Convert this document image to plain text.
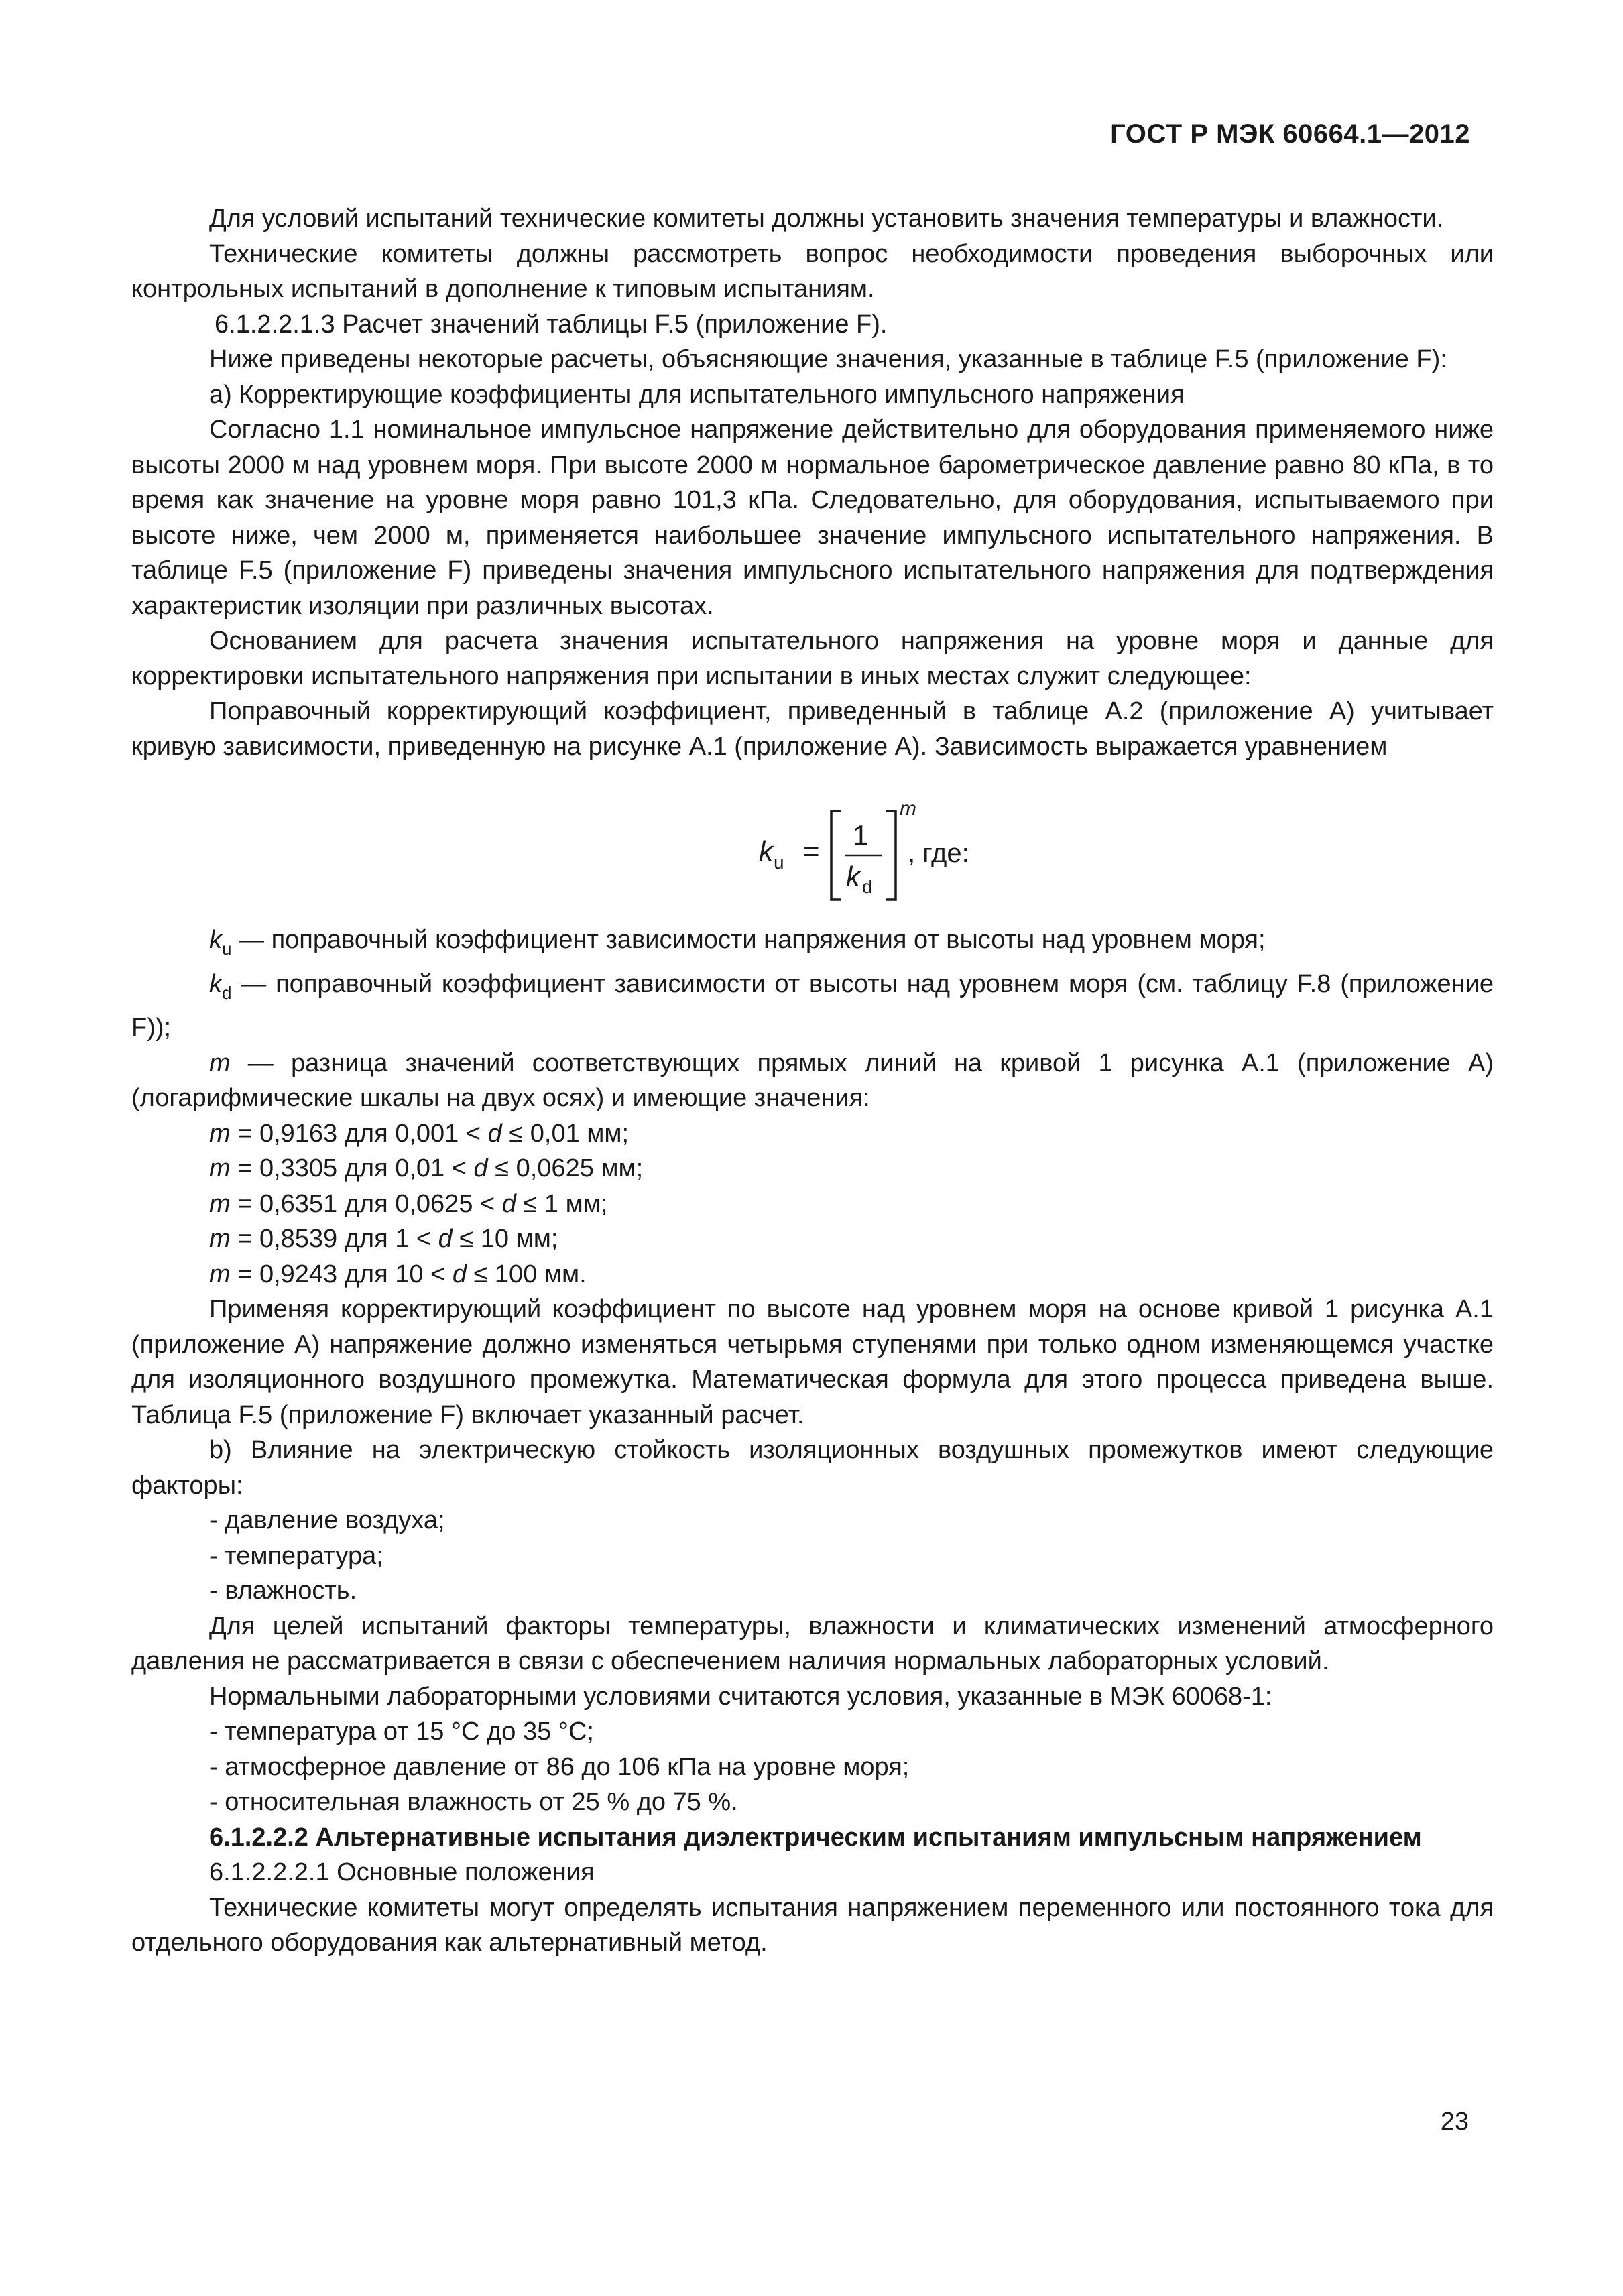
ГОСТ Р МЭК 60664.1—2012

Для условий испытаний технические комитеты должны установить значения температуры и влажности.

Технические комитеты должны рассмотреть вопрос необходимости проведения выборочных или контрольных испытаний в дополнение к типовым испытаниям.

6.1.2.2.1.3 Расчет значений таблицы F.5 (приложение F).

Ниже приведены некоторые расчеты, объясняющие значения, указанные в таблице F.5 (приложение F):

а) Корректирующие коэффициенты для испытательного импульсного напряжения

Согласно 1.1 номинальное импульсное напряжение действительно для оборудования применяемого ниже высоты 2000 м над уровнем моря. При высоте 2000 м нормальное барометрическое давление равно 80 кПа, в то время как значение на уровне моря равно 101,3 кПа. Следовательно, для оборудования, испытываемого при высоте ниже, чем 2000 м, применяется наибольшее значение импульсного испытательного напряжения. В таблице F.5 (приложение F) приведены значения импульсного испытательного напряжения для подтверждения характеристик изоляции при различных высотах.

Основанием для расчета значения испытательного напряжения на уровне моря и данные для корректировки испытательного напряжения при испытании в иных местах служит следующее:

Поправочный корректирующий коэффициент, приведенный в таблице А.2 (приложение А) учитывает кривую зависимости, приведенную на рисунке А.1 (приложение А). Зависимость выражается уравнением

k u =
1
k d
m
, где:

$k_u$ — поправочный коэффициент зависимости напряжения от высоты над уровнем моря;

$k_d$ — поправочный коэффициент зависимости от высоты над уровнем моря (см. таблицу F.8 (приложение F));

m — разница значений соответствующих прямых линий на кривой 1 рисунка А.1 (приложение А) (логарифмические шкалы на двух осях) и имеющие значения:

m = 0,9163 для 0,001 < d ≤ 0,01 мм;

m = 0,3305 для 0,01 < d ≤ 0,0625 мм;

m = 0,6351 для 0,0625 < d ≤ 1 мм;

m = 0,8539 для 1 < d ≤ 10 мм;

m = 0,9243 для 10 < d ≤ 100 мм.

Применяя корректирующий коэффициент по высоте над уровнем моря на основе кривой 1 рисунка А.1 (приложение А) напряжение должно изменяться четырьмя ступенями при только одном изменяющемся участке для изоляционного воздушного промежутка. Математическая формула для этого процесса приведена выше. Таблица F.5 (приложение F) включает указанный расчет.

b) Влияние на электрическую стойкость изоляционных воздушных промежутков имеют следующие факторы:

- давление воздуха;

- температура;

- влажность.

Для целей испытаний факторы температуры, влажности и климатических изменений атмосферного давления не рассматривается в связи с обеспечением наличия нормальных лабораторных условий.

Нормальными лабораторными условиями считаются условия, указанные в МЭК 60068-1:

- температура от 15 °С до 35 °С;

- атмосферное давление от 86 до 106 кПа на уровне моря;

- относительная влажность от 25 % до 75 %.

6.1.2.2.2 Альтернативные испытания диэлектрическим испытаниям импульсным напряжением

6.1.2.2.2.1 Основные положения

Технические комитеты могут определять испытания напряжением переменного или постоянного тока для отдельного оборудования как альтернативный метод.

23
